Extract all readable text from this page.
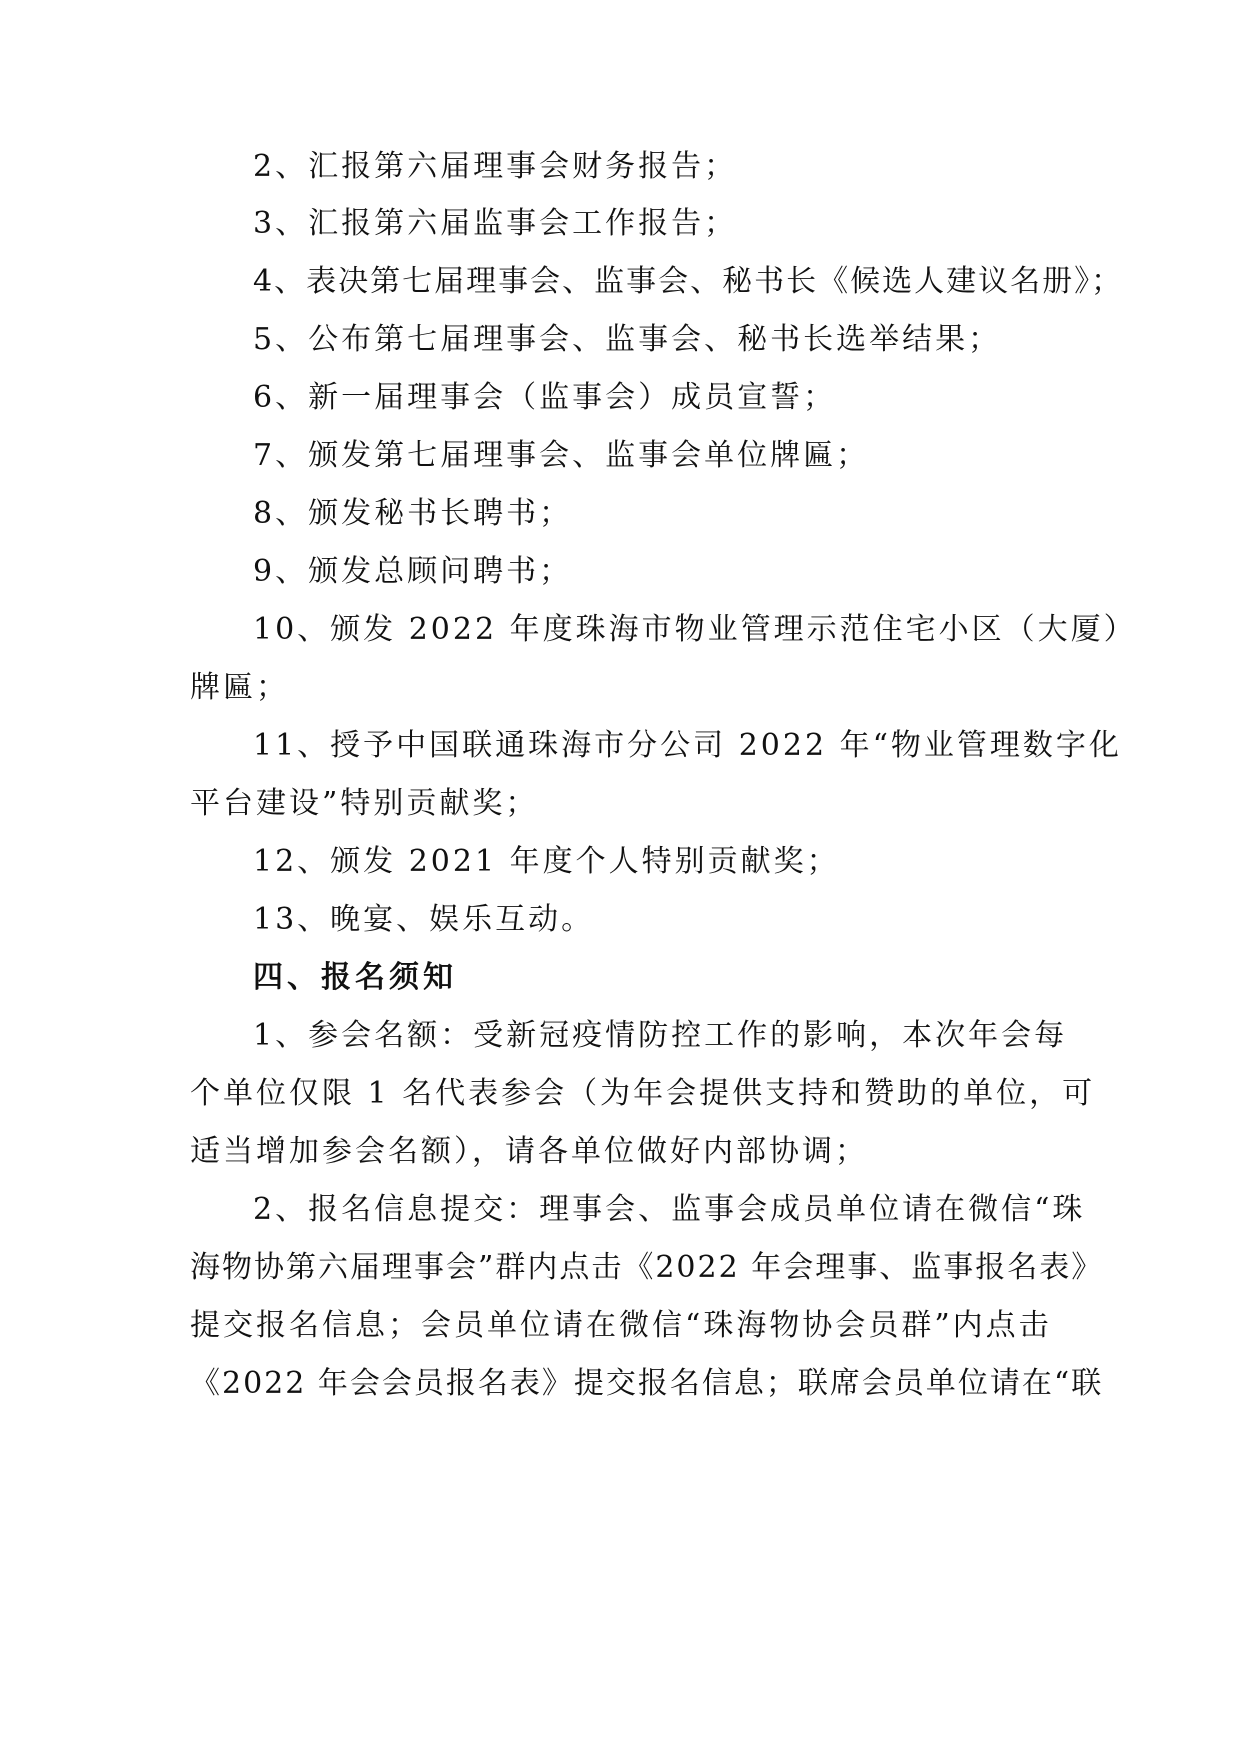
2、汇报第六届理事会财务报告；
3、汇报第六届监事会工作报告；
4、表决第七届理事会、监事会、秘书长《候选人建议名册》；
5、公布第七届理事会、监事会、秘书长选举结果；
6、新一届理事会（监事会）成员宣誓；
7、颁发第七届理事会、监事会单位牌匾；
8、颁发秘书长聘书；
9、颁发总顾问聘书；
10、颁发 2022 年度珠海市物业管理示范住宅小区（大厦）
牌匾；
11、授予中国联通珠海市分公司 2022 年“物业管理数字化
平台建设”特别贡献奖；
12、颁发 2021 年度个人特别贡献奖；
13、晚宴、娱乐互动。
四、报名须知
1、参会名额：受新冠疫情防控工作的影响，本次年会每
个单位仅限 1 名代表参会（为年会提供支持和赞助的单位，可
适当增加参会名额），请各单位做好内部协调；
2、报名信息提交：理事会、监事会成员单位请在微信“珠
海物协第六届理事会”群内点击《2022 年会理事、监事报名表》
提交报名信息；会员单位请在微信“珠海物协会员群”内点击
《2022 年会会员报名表》提交报名信息；联席会员单位请在“联
